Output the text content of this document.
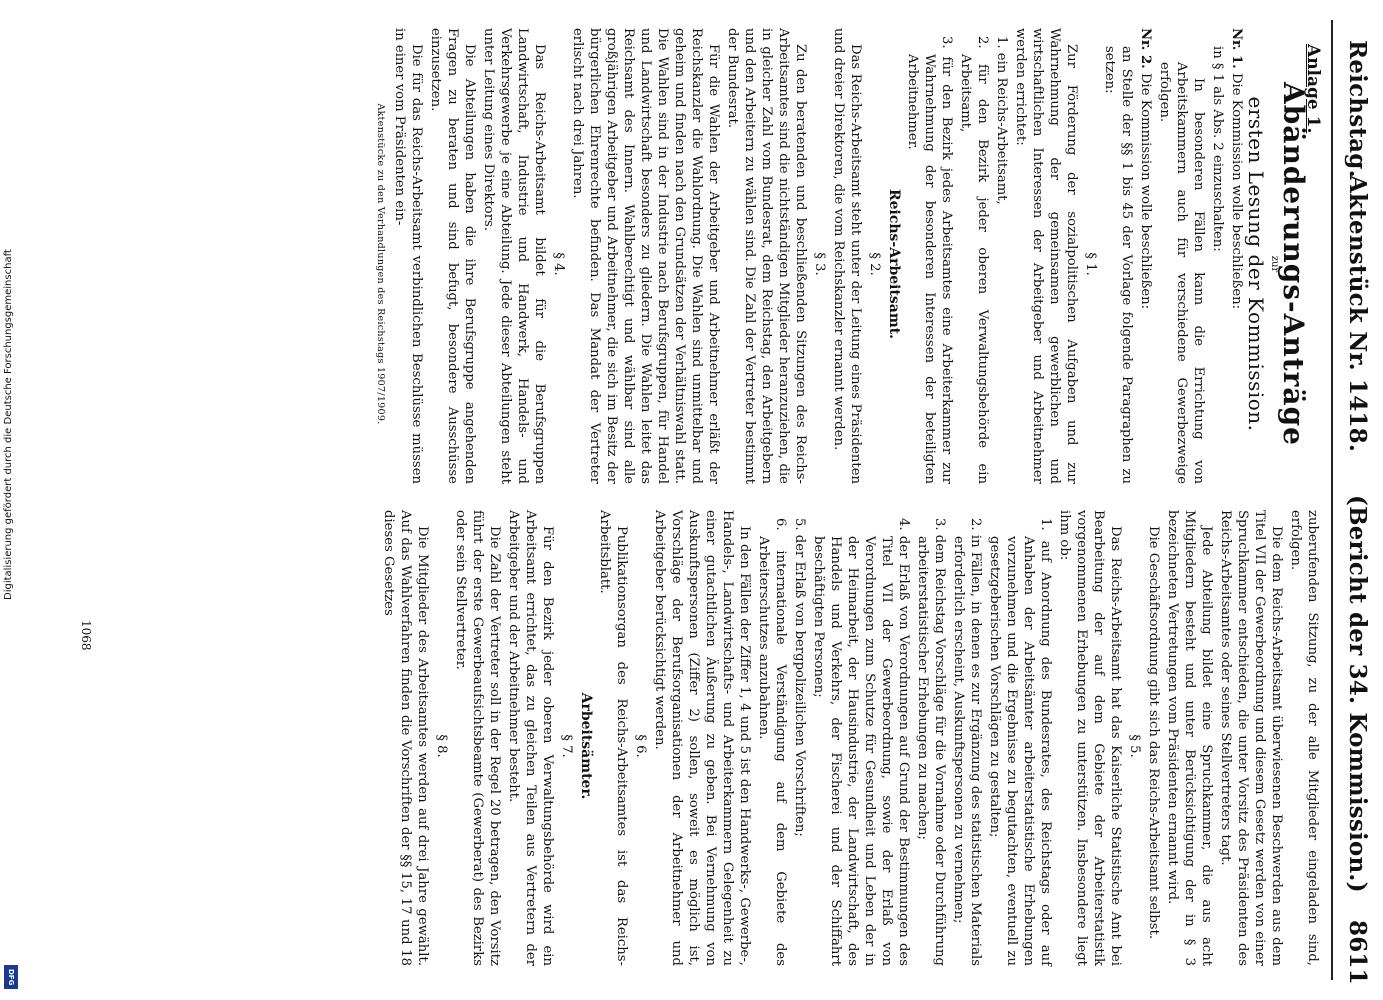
Reichstag.
Aktenstück Nr. 1418.
(Bericht der 34. Kommission.)
8611

Anlage 1.

Abänderungs-Anträge

zur

ersten Lesung der Kommission.

Nr. 1. Die Kommission wolle beschließen:

in § 1 als Abs. 2 einzuschalten:

In besonderen Fällen kann die Errichtung von Arbeitskammern auch für verschiedene Gewerbezweige erfolgen.

Nr. 2. Die Kommission wolle beschließen:

an Stelle der §§ 1 bis 45 der Vorlage folgende Paragraphen zu setzen:

§ 1.

Zur Förderung der sozialpolitischen Aufgaben und zur Wahrnehmung der gemeinsamen gewerblichen und wirtschaftlichen Interessen der Arbeitgeber und Arbeitnehmer werden errichtet:

1. ein Reichs-Arbeitsamt,

2. für den Bezirk jeder oberen Verwaltungsbehörde ein Arbeitsamt,

3. für den Bezirk jedes Arbeitsamtes eine Arbeiterkammer zur Wahrnehmung der besonderen Interessen der beteiligten Arbeitnehmer.

Reichs-Arbeitsamt.

§ 2.

Das Reichs-Arbeitsamt steht unter der Leitung eines Präsidenten und dreier Direktoren, die vom Reichskanzler ernannt werden.

§ 3.

Zu den beratenden und beschließenden Sitzungen des Reichs-Arbeitsamtes sind die nichtständigen Mitglieder heranzuziehen, die in gleicher Zahl vom Bundesrat, dem Reichstag, den Arbeitgebern und den Arbeitern zu wählen sind. Die Zahl der Vertreter bestimmt der Bundesrat.

Für die Wahlen der Arbeitgeber und Arbeitnehmer erläßt der Reichskanzler die Wahlordnung. Die Wahlen sind unmittelbar und geheim und finden nach den Grundsätzen der Verhältniswahl statt. Die Wahlen sind in der Industrie nach Berufsgruppen, für Handel und Landwirtschaft besonders zu gliedern. Die Wahlen leitet das Reichsamt des Innern. Wahlberechtigt und wählbar sind alle großjährigen Arbeitgeber und Arbeitnehmer, die sich im Besitz der bürgerlichen Ehrenrechte befinden. Das Mandat der Vertreter erlischt nach drei Jahren.

§ 4.

Das Reichs-Arbeitsamt bildet für die Berufsgruppen Landwirtschaft, Industrie und Handwerk, Handels- und Verkehrsgewerbe je eine Abteilung. Jede dieser Abteilungen steht unter Leitung eines Direktors.

Die Abteilungen haben die ihre Berufsgruppe angehenden Fragen zu beraten und sind befugt, besondere Ausschüsse einzusetzen.

Die für das Reichs-Arbeitsamt verbindlichen Beschlüsse müssen in einer vom Präsidenten ein-

Aktenstücke zu den Verhandlungen des Reichstags 1907/1909.

zuberufenden Sitzung, zu der alle Mitglieder eingeladen sind, erfolgen.

Die dem Reichs-Arbeitsamt überwiesenen Beschwerden aus dem Titel VII der Gewerbeordnung und diesem Gesetz werden von einer Spruchkammer entschieden, die unter Vorsitz des Präsidenten des Reichs-Arbeitsamtes oder seines Stellvertreters tagt.

Jede Abteilung bildet eine Spruchkammer, die aus acht Mitgliedern besteht und unter Berücksichtigung der in § 3 bezeichneten Vertretungen vom Präsidenten ernannt wird.

Die Geschäftsordnung gibt sich das Reichs-Arbeitsamt selbst.

§ 5.

Das Reichs-Arbeitsamt hat das Kaiserliche Statistische Amt bei Bearbeitung der auf dem Gebiete der Arbeiterstatistik vorgenommenen Erhebungen zu unterstützen. Insbesondere liegt ihm ob:

1. auf Anordnung des Bundesrates, des Reichstags oder auf Anhaben der Arbeitsämter arbeiterstatistische Erhebungen vorzunehmen und die Ergebnisse zu begutachten, eventuell zu gesetzgeberischen Vorschlägen zu gestalten;

2. in Fällen, in denen es zur Ergänzung des statistischen Materials erforderlich erscheint, Auskunftspersonen zu vernehmen;

3. dem Reichstag Vorschläge für die Vornahme oder Durchführung arbeiterstatistischer Erhebungen zu machen;

4. der Erlaß von Verordnungen auf Grund der Bestimmungen des Titel VII der Gewerbeordnung, sowie der Erlaß von Verordnungen zum Schutze für Gesundheit und Leben der in der Heimarbeit, der Hausindustrie, der Landwirtschaft, des Handels und Verkehrs, der Fischerei und der Schiffahrt beschäftigten Personen;

5. der Erlaß von bergpolizeilichen Vorschriften;

6. internationale Verständigung auf dem Gebiete des Arbeiterschutzes anzubahnen.

In den Fällen der Ziffer 1, 4 und 5 ist den Handwerks-, Gewerbe-, Handels-, Landwirtschafts- und Arbeiterkammern Gelegenheit zu einer gutachtlichen Äußerung zu geben. Bei Vernehmung von Auskunftspersonen (Ziffer 2) sollen, soweit es möglich ist, Vorschläge der Berufsorganisationen der Arbeitnehmer und Arbeitgeber berücksichtigt werden.

§ 6.

Publikationsorgan des Reichs-Arbeitsamtes ist das Reichs-Arbeitsblatt.

Arbeitsämter.

§ 7.

Für den Bezirk jeder oberen Verwaltungsbehörde wird ein Arbeitsamt errichtet, das zu gleichen Teilen aus Vertretern der Arbeitgeber und der Arbeitnehmer besteht.

Die Zahl der Vertreter soll in der Regel 20 betragen, den Vorsitz führt der erste Gewerbeaufsichtsbeamte (Gewerberat) des Bezirks oder sein Stellvertreter.

§ 8.

Die Mitglieder des Arbeitsamtes werden auf drei Jahre gewählt. Auf das Wahlverfahren finden die Vorschriften der §§ 15, 17 und 18 dieses Gesetzes

1068
Digitalisierung gefördert durch die Deutsche Forschungsgemeinschaft
DFG
